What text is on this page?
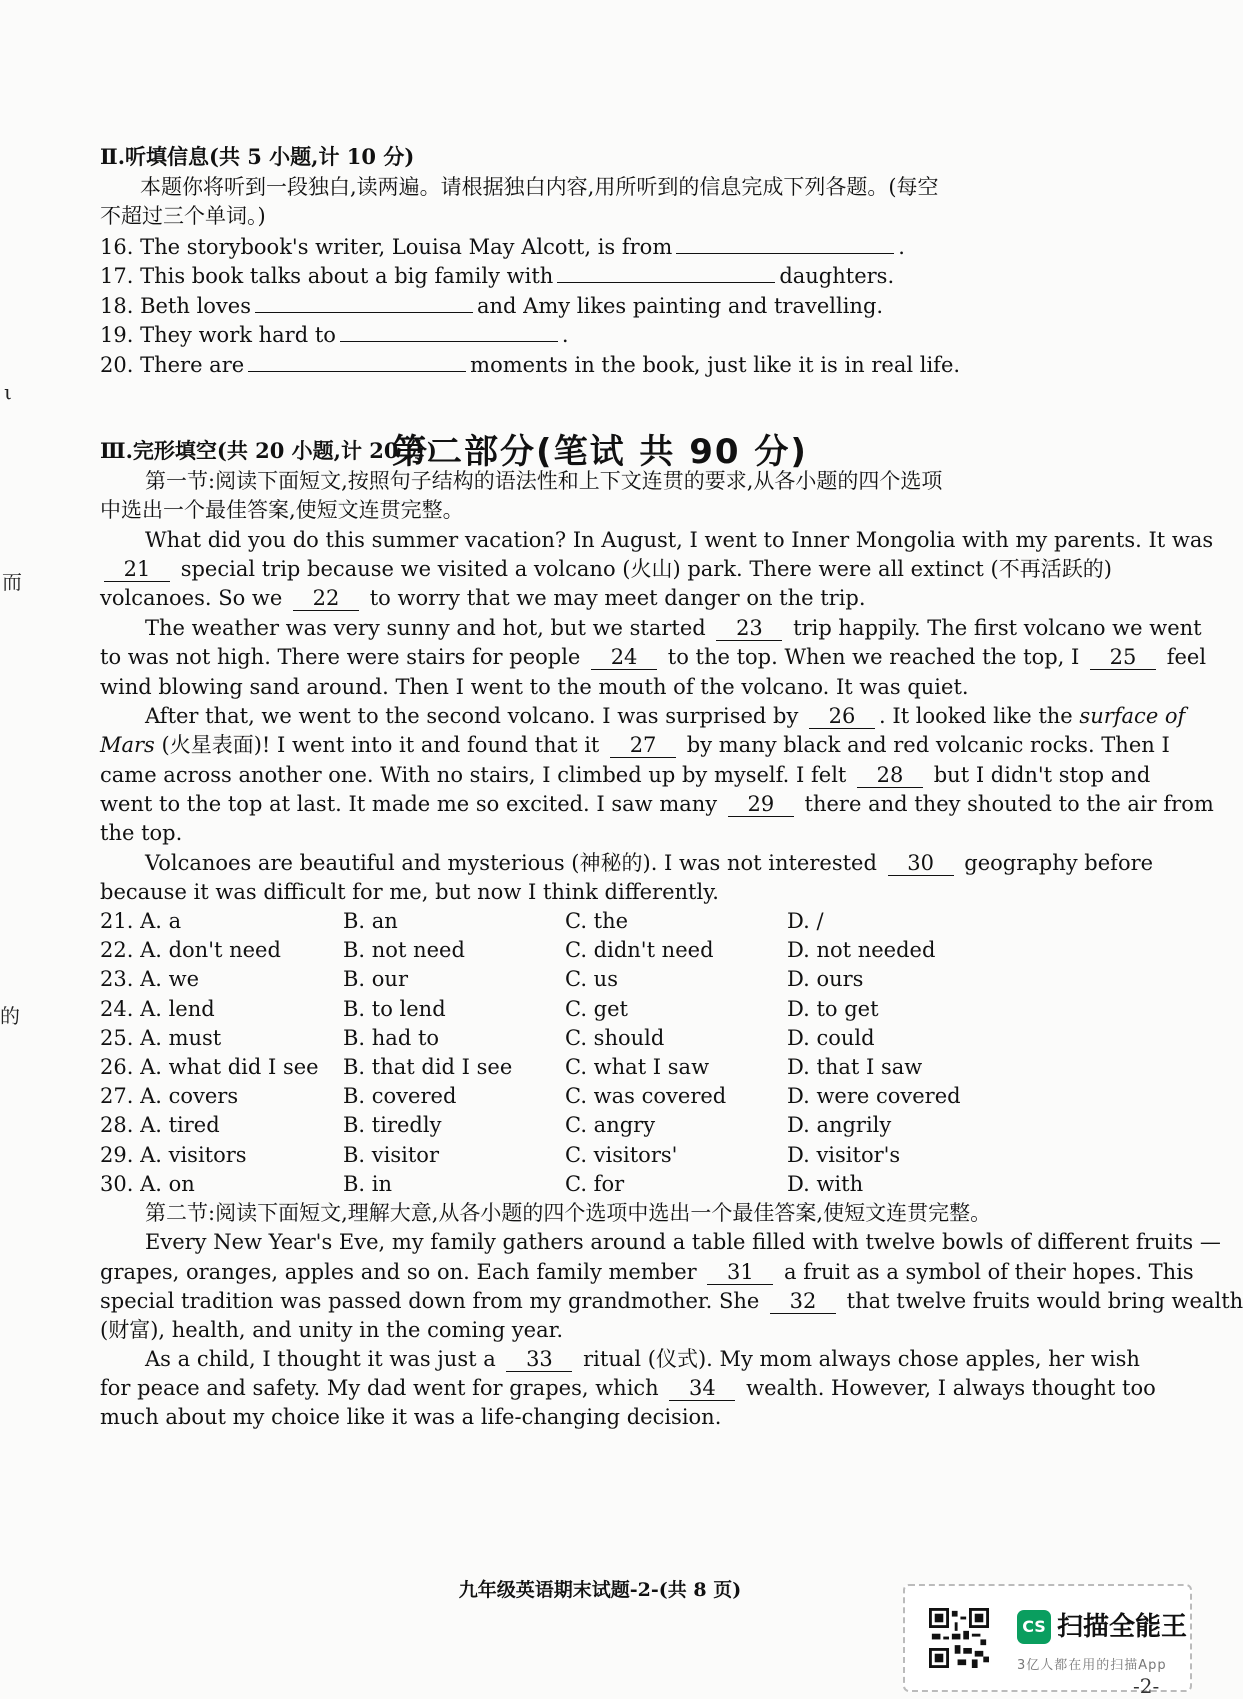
Ⅱ.听填信息(共 5 小题,计 10 分)
本题你将听到一段独白,读两遍。请根据独白内容,用所听到的信息完成下列各题。(每空
不超过三个单词。)
16. The storybook's writer, Louisa May Alcott, is from	.
17. This book talks about a big family with	daughters.
18. Beth loves	and Amy likes painting and travelling.
19. They work hard to	.
20. There are	moments in the book, just like it is in real life.
第二部分(笔试 共 90 分)
Ⅲ.完形填空(共 20 小题,计 20 分)
第一节:阅读下面短文,按照句子结构的语法性和上下文连贯的要求,从各小题的四个选项
中选出一个最佳答案,使短文连贯完整。
What did you do this summer vacation? In August, I went to Inner Mongolia with my parents. It was
21 special trip because we visited a volcano (火山) park. There were all extinct (不再活跃的)
volcanoes. So we 22 to worry that we may meet danger on the trip.
The weather was very sunny and hot, but we started 23 trip happily. The first volcano we went
to was not high. There were stairs for people 24 to the top. When we reached the top, I 25 feel
wind blowing sand around. Then I went to the mouth of the volcano. It was quiet.
After that, we went to the second volcano. I was surprised by 26 . It looked like the surface of
Mars (火星表面)! I went into it and found that it 27 by many black and red volcanic rocks. Then I
came across another one. With no stairs, I climbed up by myself. I felt 28 but I didn't stop and
went to the top at last. It made me so excited. I saw many 29 there and they shouted to the air from
the top.
Volcanoes are beautiful and mysterious (神秘的). I was not interested 30 geography before
because it was difficult for me, but now I think differently.
21. A. a	B. an	C. the	D. /
22. A. don't need	B. not need	C. didn't need	D. not needed
23. A. we	B. our	C. us	D. ours
24. A. lend	B. to lend	C. get	D. to get
25. A. must	B. had to	C. should	D. could
26. A. what did I see B. that did I see	C. what I saw	D. that I saw
27. A. covers	B. covered	C. was covered	D. were covered
28. A. tired	B. tiredly	C. angry	D. angrily
29. A. visitors	B. visitor	C. visitors'	D. visitor's
30. A. on	B. in	C. for	D. with
第二节:阅读下面短文,理解大意,从各小题的四个选项中选出一个最佳答案,使短文连贯完整。
Every New Year's Eve, my family gathers around a table filled with twelve bowls of different fruits —
grapes, oranges, apples and so on. Each family member 31 a fruit as a symbol of their hopes. This
special tradition was passed down from my grandmother. She 32 that twelve fruits would bring wealth
(财富), health, and unity in the coming year.
As a child, I thought it was just a 33 ritual (仪式). My mom always chose apples, her wish
for peace and safety. My dad went for grapes, which 34 wealth. However, I always thought too
much about my choice like it was a life-changing decision.
九年级英语期末试题-2-(共 8 页)
ι
而
的
CS 扫描全能王
3亿人都在用的扫描App
-2-
